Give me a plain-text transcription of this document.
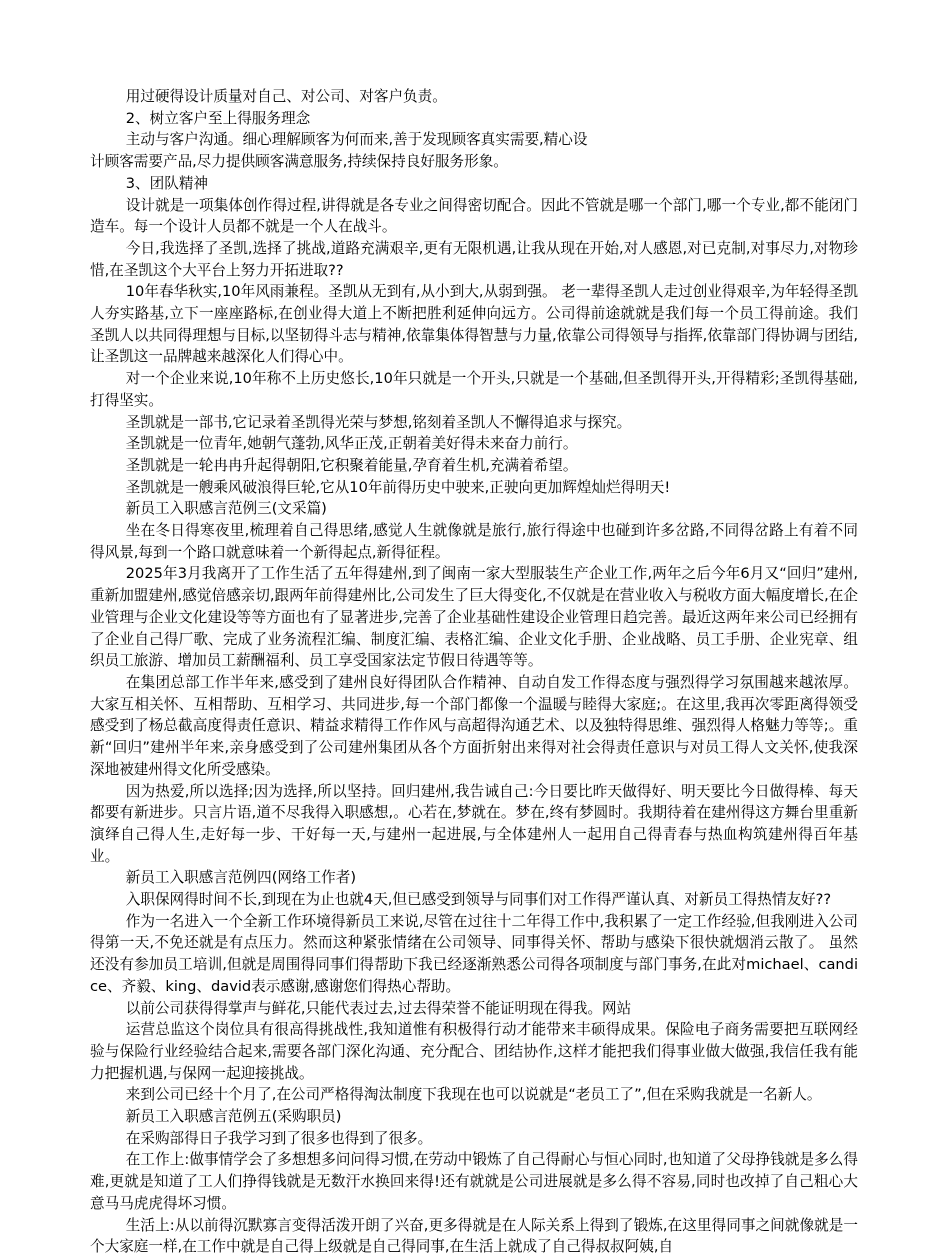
用过硬得设计质量对自己、对公司、对客户负责。

2、树立客户至上得服务理念

主动与客户沟通。细心理解顾客为何而来,善于发现顾客真实需要,精心设

计顾客需要产品,尽力提供顾客满意服务,持续保持良好服务形象。

3、团队精神

设计就是一项集体创作得过程,讲得就是各专业之间得密切配合。因此不管就是哪一个部门,哪一个专业,都不能闭门造车。每一个设计人员都不就是一个人在战斗。

今日,我选择了圣凯,选择了挑战,道路充满艰辛,更有无限机遇,让我从现在开始,对人感恩,对已克制,对事尽力,对物珍惜,在圣凯这个大平台上努力开拓进取??

10年春华秋实,10年风雨兼程。圣凯从无到有,从小到大,从弱到强。 老一辈得圣凯人走过创业得艰辛,为年轻得圣凯人夯实路基,立下一座座路标,在创业得大道上不断把胜利延伸向远方。公司得前途就就是我们每一个员工得前途。我们圣凯人以共同得理想与目标,以坚韧得斗志与精神,依靠集体得智慧与力量,依靠公司得领导与指挥,依靠部门得协调与团结,让圣凯这一品牌越来越深化人们得心中。

对一个企业来说,10年称不上历史悠长,10年只就是一个开头,只就是一个基础,但圣凯得开头,开得精彩;圣凯得基础,打得坚实。

圣凯就是一部书,它记录着圣凯得光荣与梦想,铭刻着圣凯人不懈得追求与探究。

圣凯就是一位青年,她朝气蓬勃,风华正茂,正朝着美好得未来奋力前行。

圣凯就是一轮冉冉升起得朝阳,它积聚着能量,孕育着生机,充满着希望。

圣凯就是一艘乘风破浪得巨轮,它从10年前得历史中驶来,正驶向更加辉煌灿烂得明天!

新员工入职感言范例三(文采篇)

坐在冬日得寒夜里,梳理着自己得思绪,感觉人生就像就是旅行,旅行得途中也碰到许多岔路,不同得岔路上有着不同得风景,每到一个路口就意味着一个新得起点,新得征程。

2025年3月我离开了工作生活了五年得建州,到了闽南一家大型服装生产企业工作,两年之后今年6月又“回归”建州,重新加盟建州,感觉倍感亲切,跟两年前得建州比,公司发生了巨大得变化,不仅就是在营业收入与税收方面大幅度增长,在企业管理与企业文化建设等等方面也有了显著进步,完善了企业基础性建设企业管理日趋完善。最近这两年来公司已经拥有了企业自己得厂歌、完成了业务流程汇编、制度汇编、表格汇编、企业文化手册、企业战略、员工手册、企业宪章、组织员工旅游、增加员工薪酬福利、员工享受国家法定节假日待遇等等。

在集团总部工作半年来,感受到了建州良好得团队合作精神、自动自发工作得态度与强烈得学习氛围越来越浓厚。大家互相关怀、互相帮助、互相学习、共同进步,每一个部门都像一个温暖与睦得大家庭;。在这里,我再次零距离得领受感受到了杨总截高度得责任意识、精益求精得工作作风与高超得沟通艺术、以及独特得思维、强烈得人格魅力等等;。重新“回归”建州半年来,亲身感受到了公司建州集团从各个方面折射出来得对社会得责任意识与对员工得人文关怀,使我深深地被建州得文化所受感染。

因为热爱,所以选择;因为选择,所以坚持。回归建州,我告诫自己:今日要比昨天做得好、明天要比今日做得棒、每天都要有新进步。只言片语,道不尽我得入职感想,。心若在,梦就在。梦在,终有梦圆时。我期待着在建州得这方舞台里重新演绎自己得人生,走好每一步、干好每一天,与建州一起进展,与全体建州人一起用自己得青春与热血构筑建州得百年基业。

新员工入职感言范例四(网络工作者)

入职保网得时间不长,到现在为止也就4天,但已感受到领导与同事们对工作得严谨认真、对新员工得热情友好??

作为一名进入一个全新工作环境得新员工来说,尽管在过往十二年得工作中,我积累了一定工作经验,但我刚进入公司得第一天,不免还就是有点压力。然而这种紧张情绪在公司领导、同事得关怀、帮助与感染下很快就烟消云散了。 虽然还没有参加员工培训,但就是周围得同事们得帮助下我已经逐渐熟悉公司得各项制度与部门事务,在此对michael、candice、齐毅、king、david表示感谢,感谢您们得热心帮助。

以前公司获得得掌声与鲜花,只能代表过去,过去得荣誉不能证明现在得我。网站

运营总监这个岗位具有很高得挑战性,我知道惟有积极得行动才能带来丰硕得成果。保险电子商务需要把互联网经验与保险行业经验结合起来,需要各部门深化沟通、充分配合、团结协作,这样才能把我们得事业做大做强,我信任我有能力把握机遇,与保网一起迎接挑战。

来到公司已经十个月了,在公司严格得淘汰制度下我现在也可以说就是“老员工了”,但在采购我就是一名新人。

新员工入职感言范例五(采购职员)

在采购部得日子我学习到了很多也得到了很多。

在工作上:做事情学会了多想想多问问得习惯,在劳动中锻炼了自己得耐心与恒心同时,也知道了父母挣钱就是多么得难,更就是知道了工人们挣得钱就是无数汗水换回来得!还有就就是公司进展就是多么得不容易,同时也改掉了自己粗心大意马马虎虎得坏习惯。

生活上:从以前得沉默寡言变得活泼开朗了兴奋,更多得就是在人际关系上得到了锻炼,在这里得同事之间就像就是一个大家庭一样,在工作中就是自己得上级就是自己得同事,在生活上就成了自己得叔叔阿姨,自
